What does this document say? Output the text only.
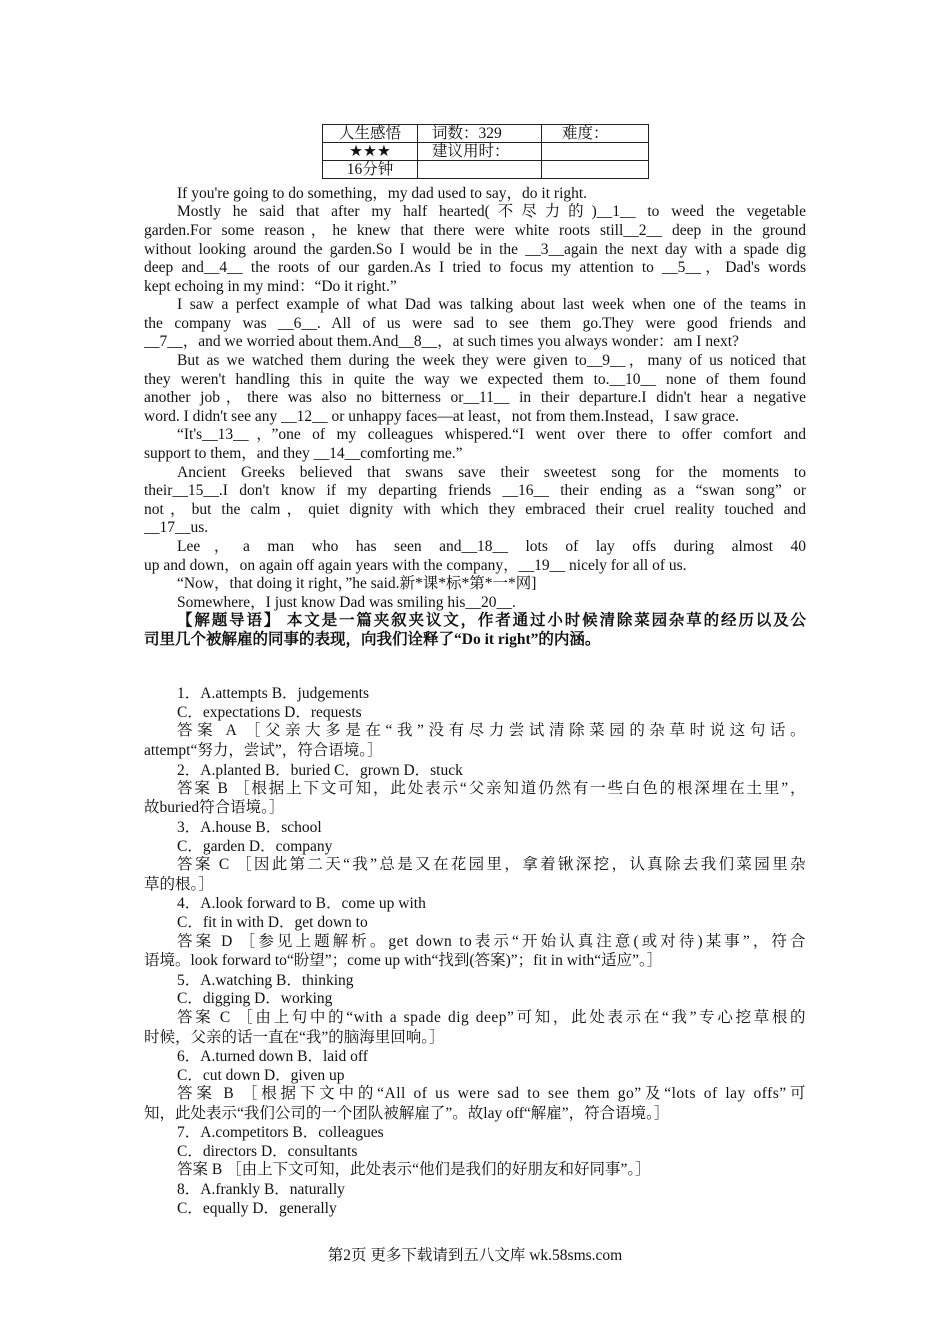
人生感悟	词数：329	难度：
★★★	建议用时：	
16分钟		
If you're going to do something，my dad used to say，do it right.
Mostly he said that after my half hearted(不尽力的)__1__ to weed the vegetable
garden.For some reason，he knew that there were white roots still__2__ deep in the ground
without looking around the garden.So I would be in the __3__again the next day with a spade dig
deep and__4__ the roots of our garden.As I tried to focus my attention to __5__，Dad's words
kept echoing in my mind：“Do it right.”
I saw a perfect example of what Dad was talking about last week when one of the teams in
the company was __6__. All of us were sad to see them go.They were good friends and
__7__，and we worried about them.And__8__，at such times you always wonder：am I next?
But as we watched them during the week they were given to__9__，many of us noticed that
they weren't handling this in quite the way we expected them to.__10__ none of them found
another job，there was also no bitterness or__11__ in their departure.I didn't hear a negative
word. I didn't see any __12__ or unhappy faces—at least，not from them.Instead，I saw grace.
“It's__13__，”one of my colleagues whispered.“I went over there to offer comfort and
support to them，and they __14__comforting me.”
Ancient Greeks believed that swans save their sweetest song for the moments to
their__15__.I don't know if my departing friends __16__ their ending as a “swan song” or
not，but the calm，quiet dignity with which they embraced their cruel reality touched and
__17__us.
Lee，a man who has seen and__18__ lots of lay offs during almost 40
up and down，on again off again years with the company，__19__ nicely for all of us.
“Now，that doing it right，”he said.新*课*标*第*一*网]
Somewhere，I just know Dad was smiling his__20__.
【解题导语】 本文是一篇夹叙夹议文，作者通过小时候清除菜园杂草的经历以及公
司里几个被解雇的同事的表现，向我们诠释了“Do it right”的内涵。
1．A.attempts B．judgements
C．expectations D．requests
答案 A ［父亲大多是在“我”没有尽力尝试清除菜园的杂草时说这句话。
attempt“努力，尝试”，符合语境。］
2．A.planted B．buried C．grown D．stuck
答案 B ［根据上下文可知，此处表示“父亲知道仍然有一些白色的根深埋在土里”，
故buried符合语境。］
3．A.house B．school
C．garden D．company
答案 C ［因此第二天“我”总是又在花园里，拿着锹深挖，认真除去我们菜园里杂
草的根。］
4．A.look forward to B．come up with
C．fit in with D．get down to
答案 D ［参见上题解析。get down to表示“开始认真注意(或对待)某事”，符合
语境。look forward to“盼望”；come up with“找到(答案)”；fit in with“适应”。］
5．A.watching B．thinking
C．digging D．working
答案 C ［由上句中的“with a spade dig deep”可知，此处表示在“我”专心挖草根的
时候，父亲的话一直在“我”的脑海里回响。］
6．A.turned down B．laid off
C．cut down D．given up
答案 B ［根据下文中的“All of us were sad to see them go”及“lots of lay offs”可
知，此处表示“我们公司的一个团队被解雇了”。故lay off“解雇”，符合语境。］
7．A.competitors B．colleagues
C．directors D．consultants
答案 B ［由上下文可知，此处表示“他们是我们的好朋友和好同事”。］
8．A.frankly B．naturally
C．equally D．generally
第2页 更多下载请到五八文库 wk.58sms.com
